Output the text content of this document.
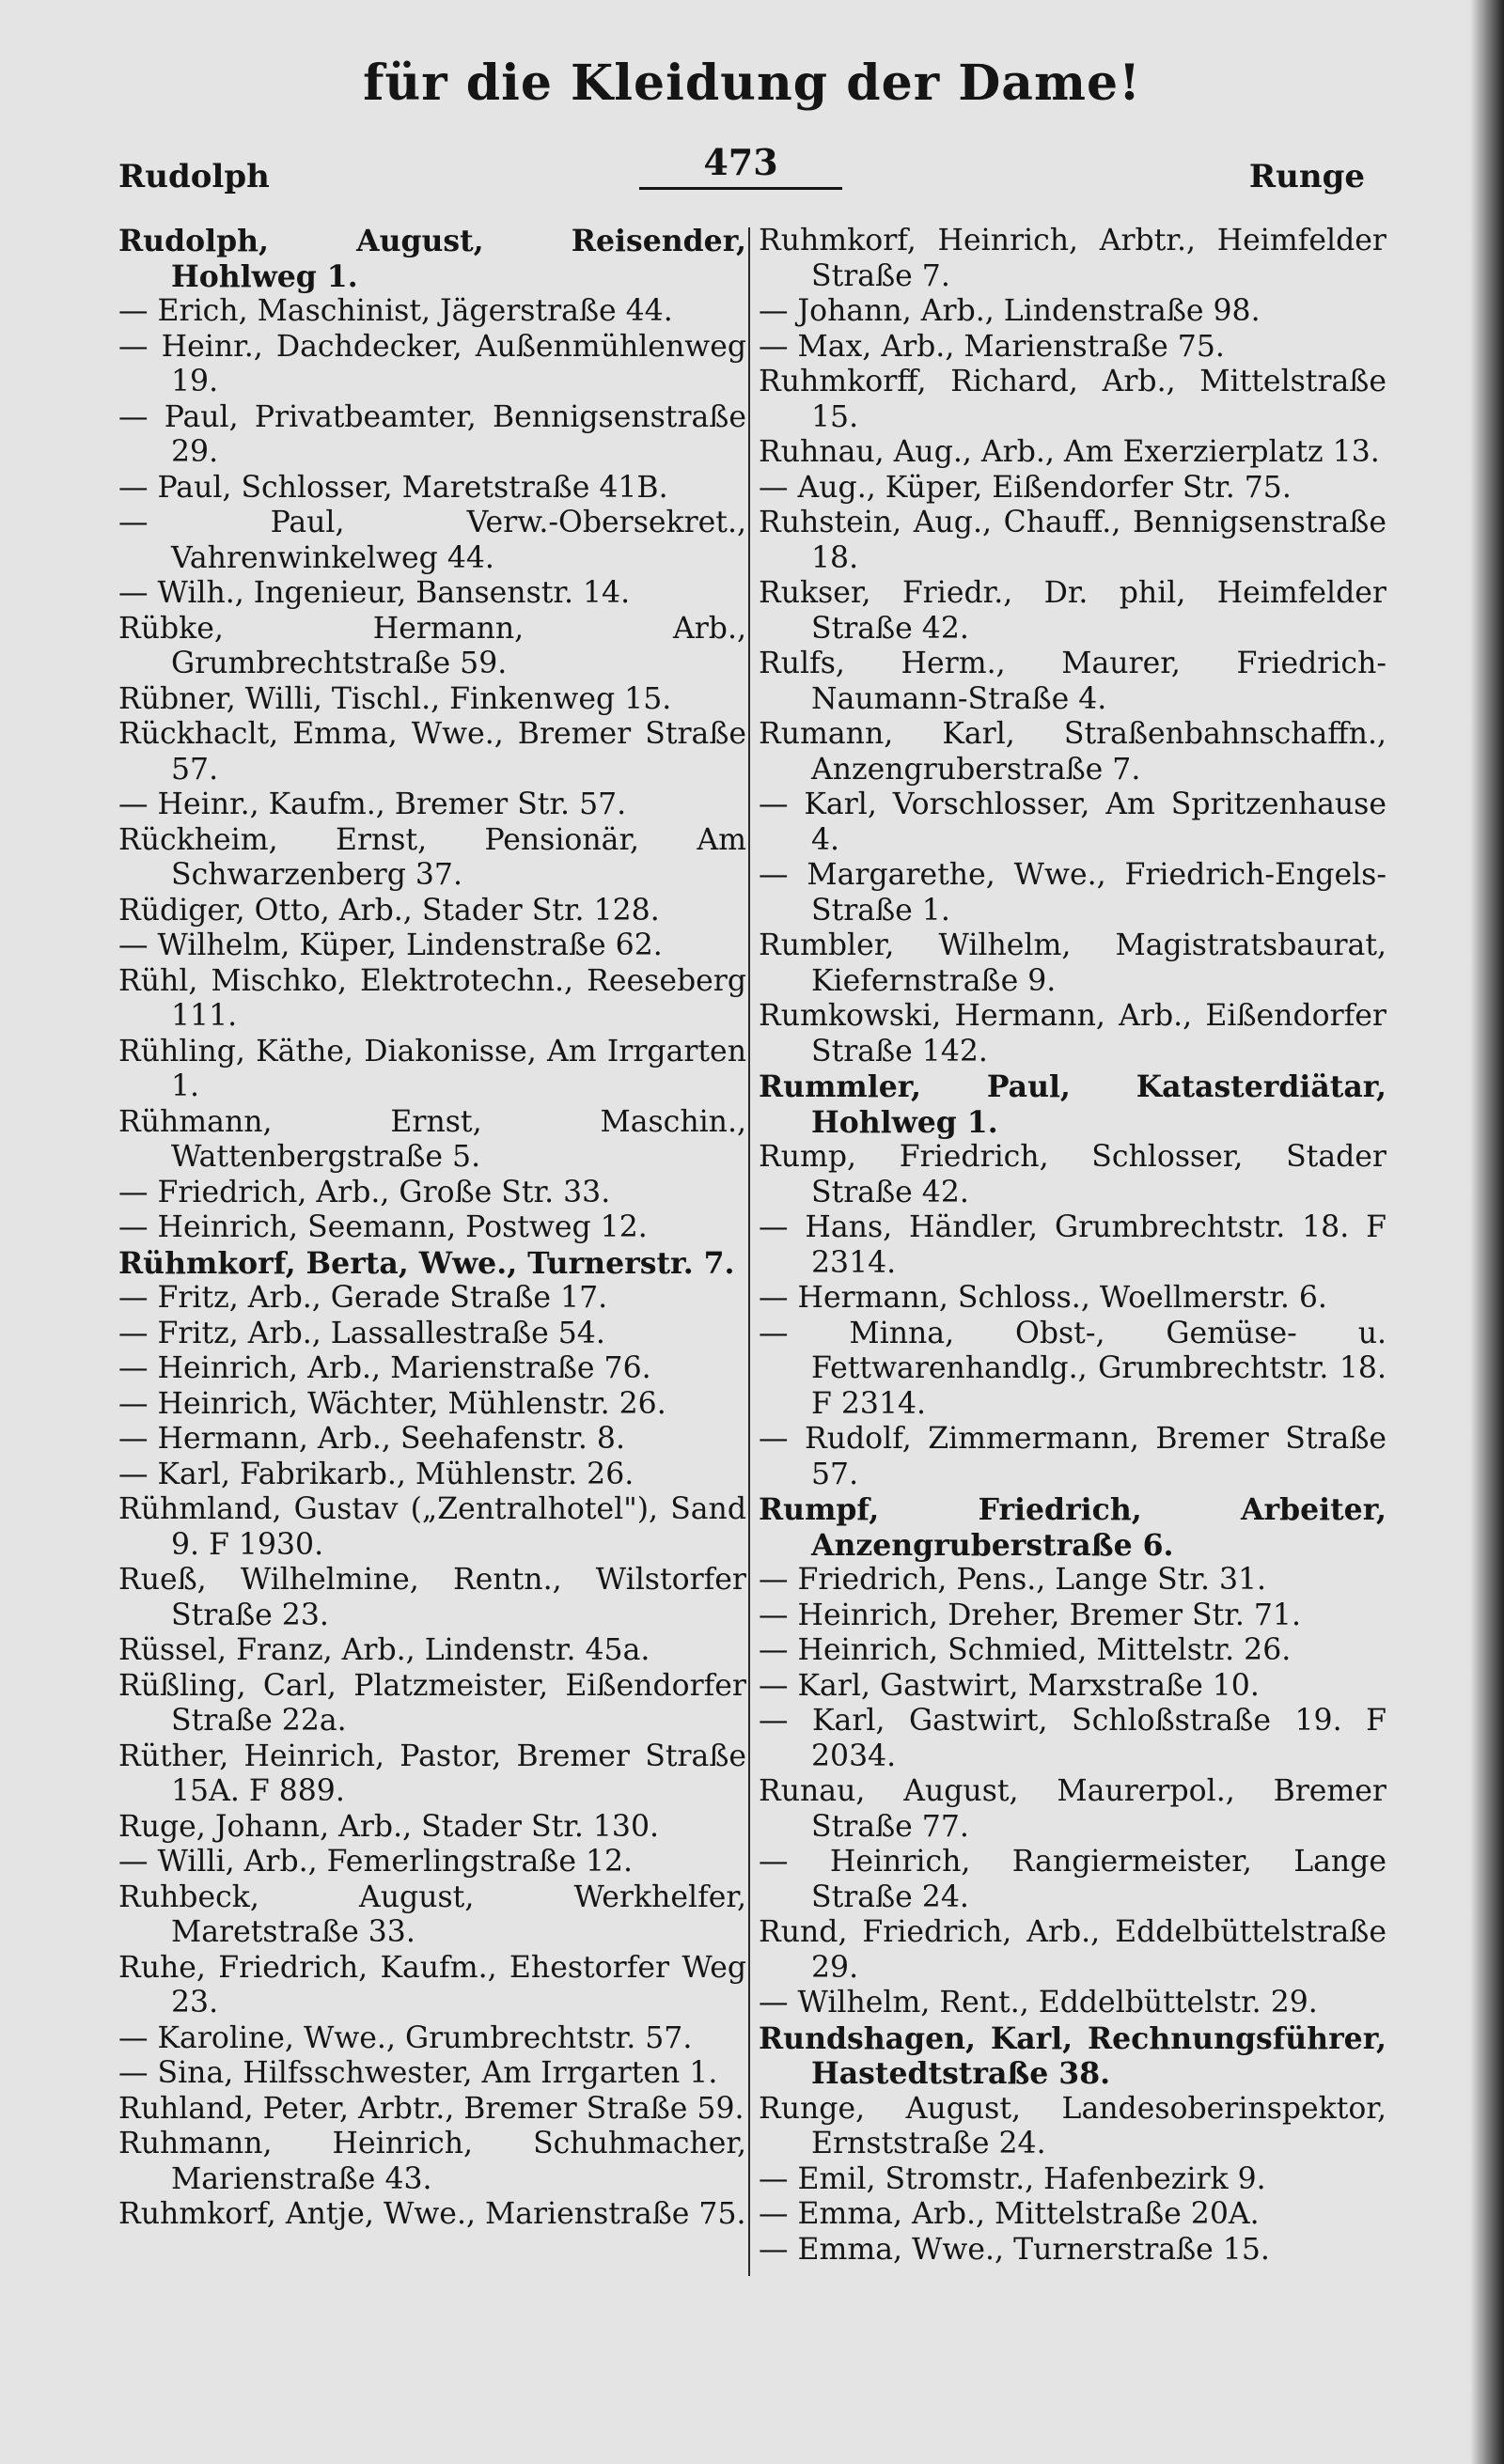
für die Kleidung der Dame!
Rudolph	473	Runge

Rudolph, August, Reisender, Hohlweg 1.

— Erich, Maschinist, Jägerstraße 44.

— Heinr., Dachdecker, Außenmühlenweg 19.

— Paul, Privatbeamter, Bennigsenstraße 29.

— Paul, Schlosser, Maretstraße 41B.

— Paul, Verw.-Obersekret., Vahrenwinkelweg 44.

— Wilh., Ingenieur, Bansenstr. 14.

Rübke, Hermann, Arb., Grumbrechtstraße 59.

Rübner, Willi, Tischl., Finkenweg 15.

Rückhaclt, Emma, Wwe., Bremer Straße 57.

— Heinr., Kaufm., Bremer Str. 57.

Rückheim, Ernst, Pensionär, Am Schwarzenberg 37.

Rüdiger, Otto, Arb., Stader Str. 128.

— Wilhelm, Küper, Lindenstraße 62.

Rühl, Mischko, Elektrotechn., Reeseberg 111.

Rühling, Käthe, Diakonisse, Am Irrgarten 1.

Rühmann, Ernst, Maschin., Wattenbergstraße 5.

— Friedrich, Arb., Große Str. 33.

— Heinrich, Seemann, Postweg 12.

Rühmkorf, Berta, Wwe., Turnerstr. 7.

— Fritz, Arb., Gerade Straße 17.

— Fritz, Arb., Lassallestraße 54.

— Heinrich, Arb., Marienstraße 76.

— Heinrich, Wächter, Mühlenstr. 26.

— Hermann, Arb., Seehafenstr. 8.

— Karl, Fabrikarb., Mühlenstr. 26.

Rühmland, Gustav („Zentralhotel"), Sand 9. F 1930.

Rueß, Wilhelmine, Rentn., Wilstorfer Straße 23.

Rüssel, Franz, Arb., Lindenstr. 45a.

Rüßling, Carl, Platzmeister, Eißendorfer Straße 22a.

Rüther, Heinrich, Pastor, Bremer Straße 15A. F 889.

Ruge, Johann, Arb., Stader Str. 130.

— Willi, Arb., Femerlingstraße 12.

Ruhbeck, August, Werkhelfer, Maretstraße 33.

Ruhe, Friedrich, Kaufm., Ehestorfer Weg 23.

— Karoline, Wwe., Grumbrechtstr. 57.

— Sina, Hilfsschwester, Am Irrgarten 1.

Ruhland, Peter, Arbtr., Bremer Straße 59.

Ruhmann, Heinrich, Schuhmacher, Marienstraße 43.

Ruhmkorf, Antje, Wwe., Marienstraße 75.

Ruhmkorf, Heinrich, Arbtr., Heimfelder Straße 7.

— Johann, Arb., Lindenstraße 98.

— Max, Arb., Marienstraße 75.

Ruhmkorff, Richard, Arb., Mittelstraße 15.

Ruhnau, Aug., Arb., Am Exerzierplatz 13.

— Aug., Küper, Eißendorfer Str. 75.

Ruhstein, Aug., Chauff., Bennigsenstraße 18.

Rukser, Friedr., Dr. phil, Heimfelder Straße 42.

Rulfs, Herm., Maurer, Friedrich-Naumann-Straße 4.

Rumann, Karl, Straßenbahnschaffn., Anzengruberstraße 7.

— Karl, Vorschlosser, Am Spritzenhause 4.

— Margarethe, Wwe., Friedrich-Engels-Straße 1.

Rumbler, Wilhelm, Magistratsbaurat, Kiefernstraße 9.

Rumkowski, Hermann, Arb., Eißendorfer Straße 142.

Rummler, Paul, Katasterdiätar, Hohlweg 1.

Rump, Friedrich, Schlosser, Stader Straße 42.

— Hans, Händler, Grumbrechtstr. 18. F 2314.

— Hermann, Schloss., Woellmerstr. 6.

— Minna, Obst-, Gemüse- u. Fettwarenhandlg., Grumbrechtstr. 18. F 2314.

— Rudolf, Zimmermann, Bremer Straße 57.

Rumpf, Friedrich, Arbeiter, Anzengruberstraße 6.

— Friedrich, Pens., Lange Str. 31.

— Heinrich, Dreher, Bremer Str. 71.

— Heinrich, Schmied, Mittelstr. 26.

— Karl, Gastwirt, Marxstraße 10.

— Karl, Gastwirt, Schloßstraße 19. F 2034.

Runau, August, Maurerpol., Bremer Straße 77.

— Heinrich, Rangiermeister, Lange Straße 24.

Rund, Friedrich, Arb., Eddelbüttelstraße 29.

— Wilhelm, Rent., Eddelbüttelstr. 29.

Rundshagen, Karl, Rechnungsführer, Hastedtstraße 38.

Runge, August, Landesoberinspektor, Ernststraße 24.

— Emil, Stromstr., Hafenbezirk 9.

— Emma, Arb., Mittelstraße 20A.

— Emma, Wwe., Turnerstraße 15.
